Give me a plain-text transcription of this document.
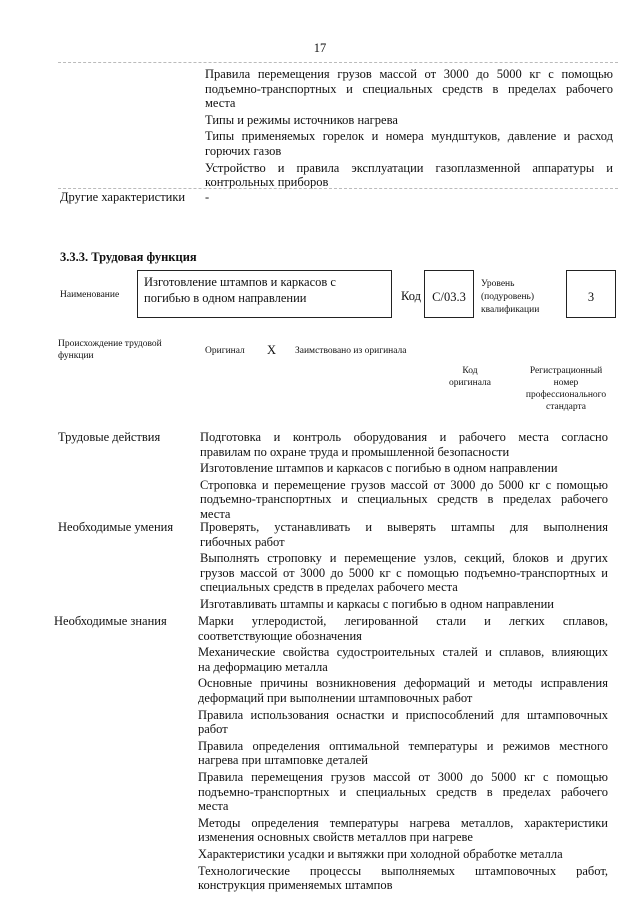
17
Правила перемещения грузов массой от 3000 до 5000 кг с помощью
подъемно-транспортных и специальных средств в пределах рабочего
места
Типы и режимы источников нагрева
Типы применяемых горелок и номера мундштуков, давление и расход
горючих газов
Устройство и правила эксплуатации газоплазменной аппаратуры и
контрольных приборов
Другие характеристики -
3.3.3. Трудовая функция
Наименование
Изготовление штампов и каркасов с
погибью в одном направлении	Код C/03.3
Уровень
(подуровень)
квалификации
3
Происхождение трудовой
функции	Оригинал X Заимствовано из оригинала
Код
оригинала
Регистрационный
номер
профессионального
стандарта
Трудовые действия	Подготовка и контроль оборудования и рабочего места согласно
правилам по охране труда и промышленной безопасности
Изготовление штампов и каркасов с погибью в одном направлении
Строповка и перемещение грузов массой от 3000 до 5000 кг с помощью
подъемно-транспортных и специальных средств в пределах рабочего
места
Необходимые умения Проверять, устанавливать и выверять штампы для выполнения
гибочных работ
Выполнять строповку и перемещение узлов, секций, блоков и других
грузов массой от 3000 до 5000 кг с помощью подъемно-транспортных и
специальных средств в пределах рабочего места
Изготавливать штампы и каркасы с погибью в одном направлении
Необходимые знания	Марки углеродистой, легированной стали и легких сплавов,
соответствующие обозначения
Механические свойства судостроительных сталей и сплавов, влияющих
на деформацию металла
Основные причины возникновения деформаций и методы исправления
деформаций при выполнении штамповочных работ
Правила использования оснастки и приспособлений для штамповочных
работ
Правила определения оптимальной температуры и режимов местного
нагрева при штамповке деталей
Правила перемещения грузов массой от 3000 до 5000 кг с помощью
подъемно-транспортных и специальных средств в пределах рабочего
места
Методы определения температуры нагрева металлов, характеристики
изменения основных свойств металлов при нагреве
Характеристики усадки и вытяжки при холодной обработке металла
Технологические процессы выполняемых штамповочных работ,
конструкция применяемых штампов
